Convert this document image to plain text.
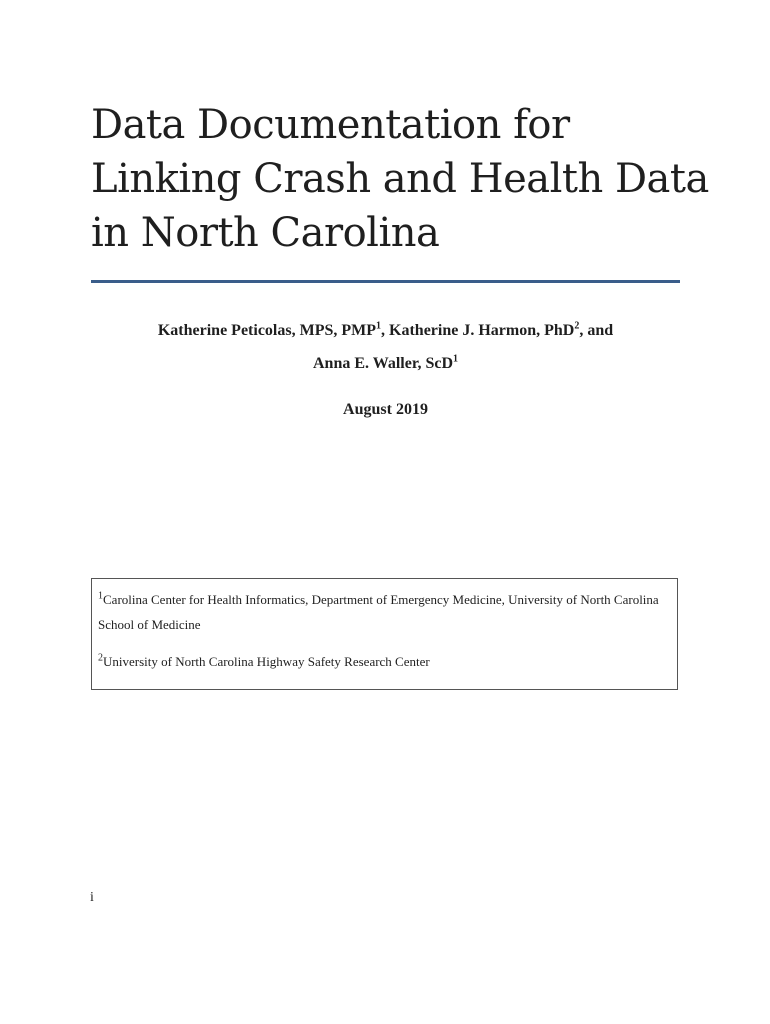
Data Documentation for
Linking Crash and Health Data
in North Carolina
Katherine Peticolas, MPS, PMP$^1$, Katherine J. Harmon, PhD$^2$, and
Anna E. Waller, ScD$^1$
August 2019

$^1$Carolina Center for Health Informatics, Department of Emergency Medicine, University of North Carolina School of Medicine

$^2$University of North Carolina Highway Safety Research Center

i
